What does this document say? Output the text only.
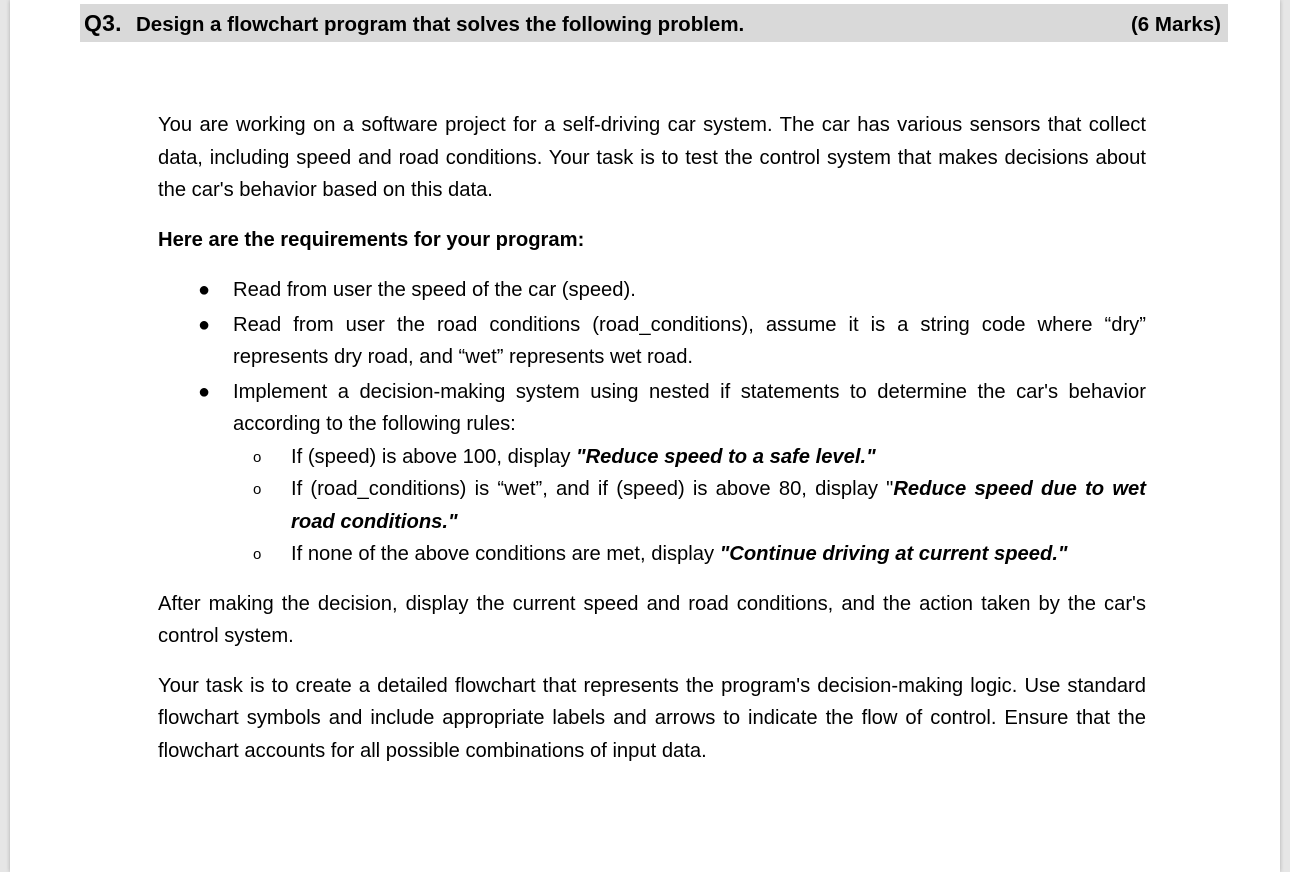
Q3. Design a flowchart program that solves the following problem.	(6 Marks)

You are working on a software project for a self-driving car system. The car has various sensors that collect data, including speed and road conditions. Your task is to test the control system that makes decisions about the car's behavior based on this data.

Here are the requirements for your program:

● Read from user the speed of the car (speed).
● Read from user the road conditions (road_conditions), assume it is a string code where “dry” represents dry road, and “wet” represents wet road.
● Implement a decision-making system using nested if statements to determine the car's behavior according to the following rules:
o If (speed) is above 100, display "Reduce speed to a safe level."
o If (road_conditions) is “wet”, and if (speed) is above 80, display "Reduce speed due to wet road conditions."
o If none of the above conditions are met, display "Continue driving at current speed."

After making the decision, display the current speed and road conditions, and the action taken by the car's control system.

Your task is to create a detailed flowchart that represents the program's decision-making logic. Use standard flowchart symbols and include appropriate labels and arrows to indicate the flow of control. Ensure that the flowchart accounts for all possible combinations of input data.
